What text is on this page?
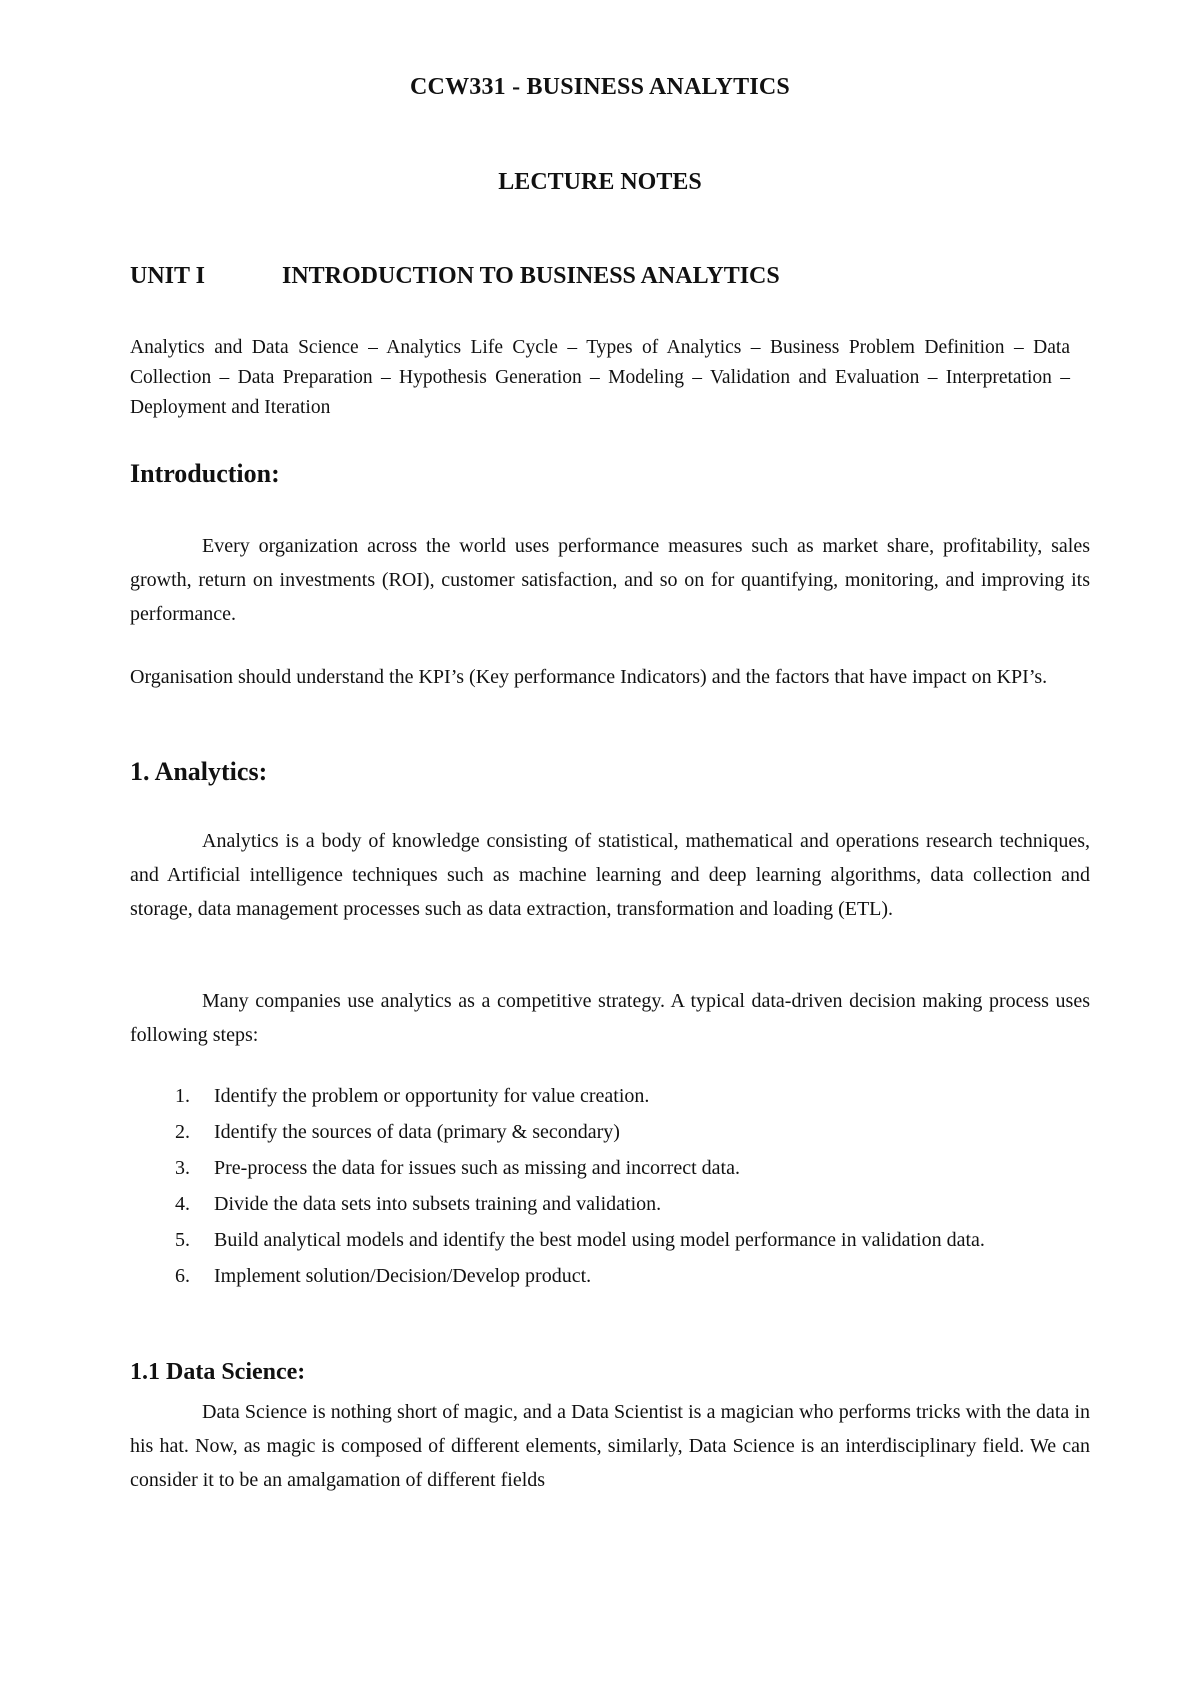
CCW331 - BUSINESS ANALYTICS
LECTURE NOTES
UNIT I	INTRODUCTION TO BUSINESS ANALYTICS
Analytics and Data Science – Analytics Life Cycle – Types of Analytics – Business Problem Definition – Data Collection – Data Preparation – Hypothesis Generation – Modeling – Validation and Evaluation – Interpretation – Deployment and Iteration
Introduction:
Every organization across the world uses performance measures such as market share, profitability, sales growth, return on investments (ROI), customer satisfaction, and so on for quantifying, monitoring, and improving its performance.
Organisation should understand the KPI’s (Key performance Indicators) and the factors that have impact on KPI’s.
1. Analytics:
Analytics is a body of knowledge consisting of statistical, mathematical and operations research techniques, and Artificial intelligence techniques such as machine learning and deep learning algorithms, data collection and storage, data management processes such as data extraction, transformation and loading (ETL).
Many companies use analytics as a competitive strategy. A typical data-driven decision making process uses following steps:
1. Identify the problem or opportunity for value creation.
2. Identify the sources of data (primary & secondary)
3. Pre-process the data for issues such as missing and incorrect data.
4. Divide the data sets into subsets training and validation.
5. Build analytical models and identify the best model using model performance in validation data.
6. Implement solution/Decision/Develop product.
1.1 Data Science:
Data Science is nothing short of magic, and a Data Scientist is a magician who performs tricks with the data in his hat. Now, as magic is composed of different elements, similarly, Data Science is an interdisciplinary field. We can consider it to be an amalgamation of different fields
